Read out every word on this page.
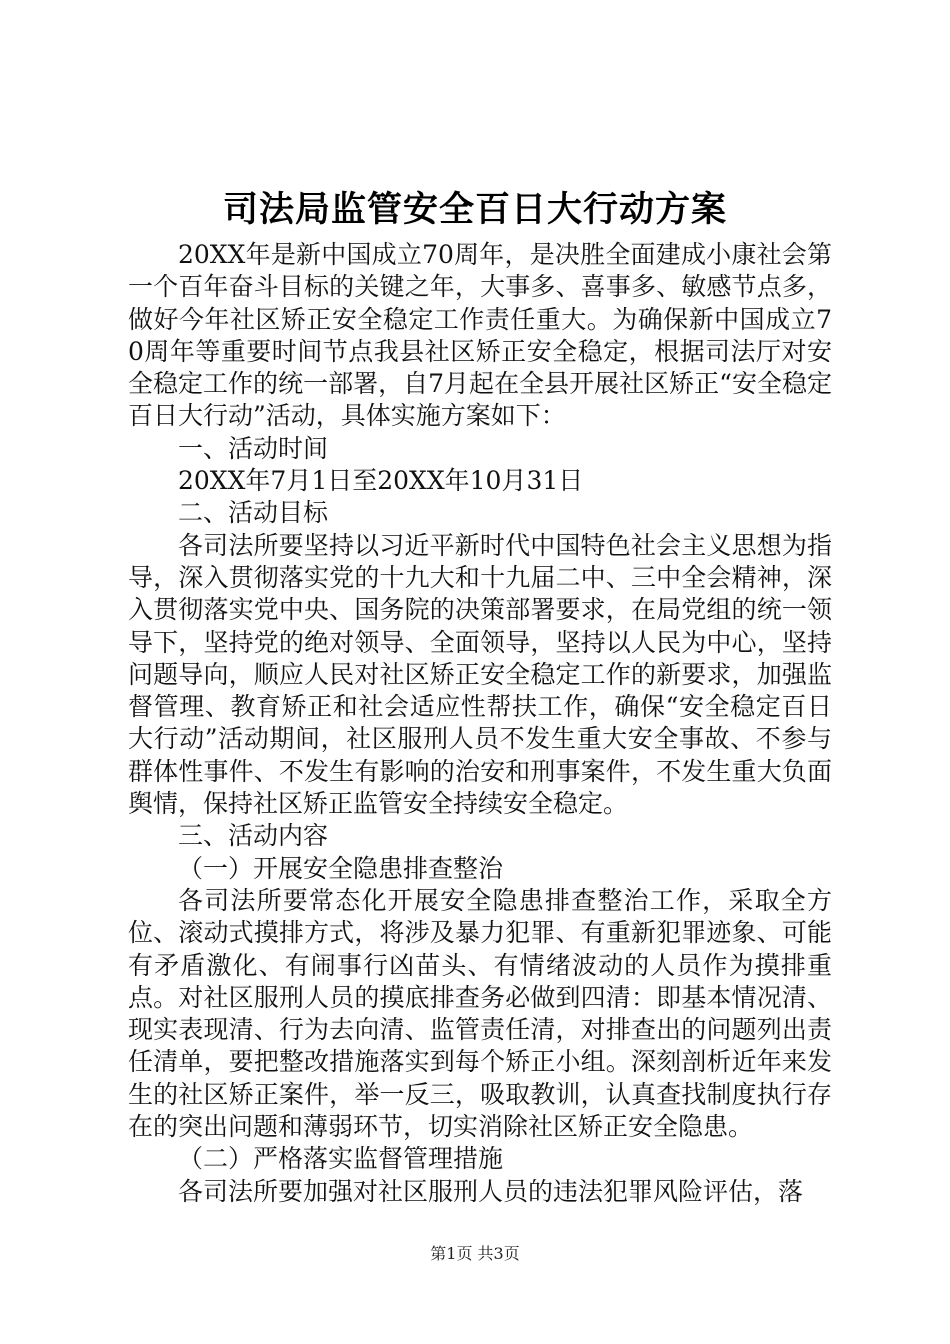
司法局监管安全百日大行动方案

20XX年是新中国成立70周年，是决胜全面建成小康社会第一个百年奋斗目标的关键之年，大事多、喜事多、敏感节点多，做好今年社区矫正安全稳定工作责任重大。为确保新中国成立70周年等重要时间节点我县社区矫正安全稳定，根据司法厅对安全稳定工作的统一部署，自7月起在全县开展社区矫正“安全稳定百日大行动”活动，具体实施方案如下：

一、活动时间

20XX年7月1日至20XX年10月31日

二、活动目标

各司法所要坚持以习近平新时代中国特色社会主义思想为指导，深入贯彻落实党的十九大和十九届二中、三中全会精神，深入贯彻落实党中央、国务院的决策部署要求，在局党组的统一领导下，坚持党的绝对领导、全面领导，坚持以人民为中心，坚持问题导向，顺应人民对社区矫正安全稳定工作的新要求，加强监督管理、教育矫正和社会适应性帮扶工作，确保“安全稳定百日大行动”活动期间，社区服刑人员不发生重大安全事故、不参与群体性事件、不发生有影响的治安和刑事案件，不发生重大负面舆情，保持社区矫正监管安全持续安全稳定。

三、活动内容

（一）开展安全隐患排查整治

各司法所要常态化开展安全隐患排查整治工作，采取全方位、滚动式摸排方式，将涉及暴力犯罪、有重新犯罪迹象、可能有矛盾激化、有闹事行凶苗头、有情绪波动的人员作为摸排重点。对社区服刑人员的摸底排查务必做到四清：即基本情况清、现实表现清、行为去向清、监管责任清，对排查出的问题列出责任清单，要把整改措施落实到每个矫正小组。深刻剖析近年来发生的社区矫正案件，举一反三，吸取教训，认真查找制度执行存在的突出问题和薄弱环节，切实消除社区矫正安全隐患。

（二）严格落实监督管理措施

各司法所要加强对社区服刑人员的违法犯罪风险评估，落

第1页 共3页
